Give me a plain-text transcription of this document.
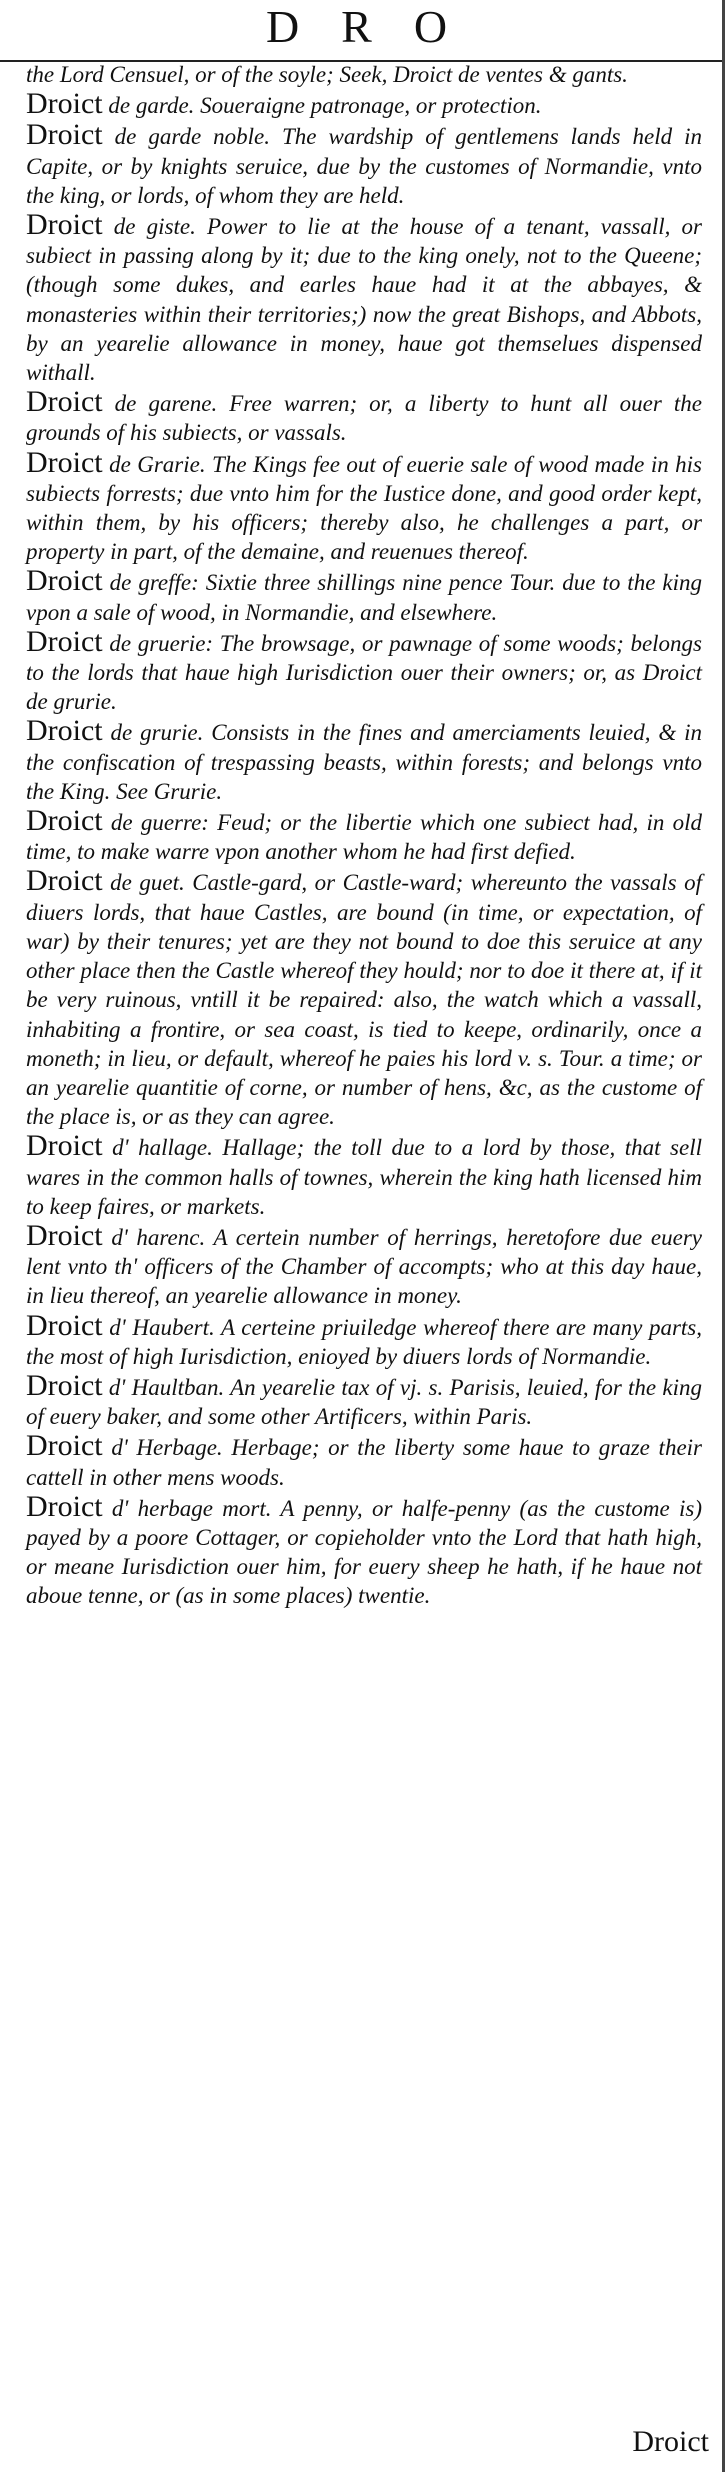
DRO

the Lord Censuel, or of the soyle; Seek, Droict de ventes & gants.

Droict de garde. Soueraigne patronage, or protection.

Droict de garde noble. The wardship of gentlemens lands held in Capite, or by knights seruice, due by the customes of Normandie, vnto the king, or lords, of whom they are held.

Droict de giste. Power to lie at the house of a tenant, vassall, or subiect in passing along by it; due to the king onely, not to the Queene; (though some dukes, and earles haue had it at the abbayes, & monasteries within their territories;) now the great Bishops, and Abbots, by an yearelie allowance in money, haue got themselues dispensed withall.

Droict de garene. Free warren; or, a liberty to hunt all ouer the grounds of his subiects, or vassals.

Droict de Grarie. The Kings fee out of euerie sale of wood made in his subiects forrests; due vnto him for the Iustice done, and good order kept, within them, by his officers; thereby also, he challenges a part, or property in part, of the demaine, and reuenues thereof.

Droict de greffe: Sixtie three shillings nine pence Tour. due to the king vpon a sale of wood, in Normandie, and elsewhere.

Droict de gruerie: The browsage, or pawnage of some woods; belongs to the lords that haue high Iurisdiction ouer their owners; or, as Droict de grurie.

Droict de grurie. Consists in the fines and amerciaments leuied, & in the confiscation of trespassing beasts, within forests; and belongs vnto the King. See Grurie.

Droict de guerre: Feud; or the libertie which one subiect had, in old time, to make warre vpon another whom he had first defied.

Droict de guet. Castle-gard, or Castle-ward; whereunto the vassals of diuers lords, that haue Castles, are bound (in time, or expectation, of war) by their tenures; yet are they not bound to doe this seruice at any other place then the Castle whereof they hould; nor to doe it there at, if it be very ruinous, vntill it be repaired: also, the watch which a vassall, inhabiting a frontire, or sea coast, is tied to keepe, ordinarily, once a moneth; in lieu, or default, whereof he paies his lord v. s. Tour. a time; or an yearelie quantitie of corne, or number of hens, &c, as the custome of the place is, or as they can agree.

Droict d' hallage. Hallage; the toll due to a lord by those, that sell wares in the common halls of townes, wherein the king hath licensed him to keep faires, or markets.

Droict d' harenc. A certein number of herrings, heretofore due euery lent vnto th' officers of the Chamber of accompts; who at this day haue, in lieu thereof, an yearelie allowance in money.

Droict d' Haubert. A certeine priuiledge whereof there are many parts, the most of high Iurisdiction, enioyed by diuers lords of Normandie.

Droict d' Haultban. An yearelie tax of vj. s. Parisis, leuied, for the king of euery baker, and some other Artificers, within Paris.

Droict d' Herbage. Herbage; or the liberty some haue to graze their cattell in other mens woods.

Droict d' herbage mort. A penny, or halfe-penny (as the custome is) payed by a poore Cottager, or copieholder vnto the Lord that hath high, or meane Iurisdiction ouer him, for euery sheep he hath, if he haue not aboue tenne, or (as in some places) twentie.

Droict
